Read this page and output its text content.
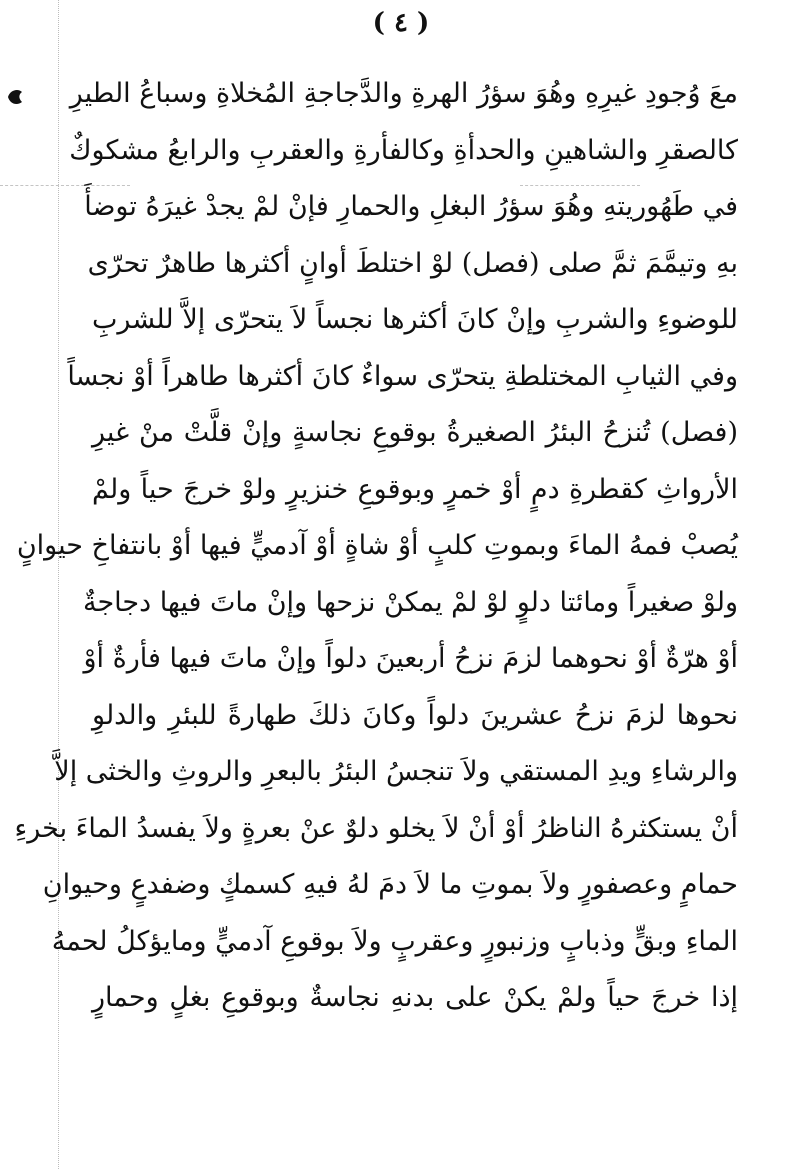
( ٤ )
معَ وُجودِ غيرِهِ وهُوَ سؤرُ الهرةِ والدَّجاجةِ المُخلاةِ وسباعُ الطيرِ
كالصقرِ والشاهينِ والحدأةِ وكالفأرةِ والعقربِ والرابعُ مشكوكٌ
في طَهُوريتهِ وهُوَ سؤرُ البغلِ والحمارِ فإنْ لمْ يجدْ غيرَهُ توضأَ
بهِ وتيمَّمَ ثمَّ صلى (فصل) لوْ اختلطَ أوانٍ أكثرها طاهرٌ تحرّى
للوضوءِ والشربِ وإنْ كانَ أكثرها نجساً لاَ يتحرّى إلاَّ للشربِ
وفي الثيابِ المختلطةِ يتحرّى سواءٌ كانَ أكثرها طاهراً أوْ نجساً
(فصل) تُنزحُ البئرُ الصغيرةُ بوقوعِ نجاسةٍ وإنْ قلَّتْ منْ غيرِ
الأرواثِ كقطرةِ دمٍ أوْ خمرٍ وبوقوعِ خنزيرٍ ولوْ خرجَ حياً ولمْ
يُصبْ فمهُ الماءَ وبموتِ كلبٍ أوْ شاةٍ أوْ آدميٍّ فيها أوْ بانتفاخِ حيوانٍ
ولوْ صغيراً ومائتا دلوٍ لوْ لمْ يمكنْ نزحها وإنْ ماتَ فيها دجاجةٌ
أوْ هرّةٌ أوْ نحوهما لزمَ نزحُ أربعينَ دلواً وإنْ ماتَ فيها فأرةٌ أوْ
نحوها لزمَ نزحُ عشرينَ دلواً وكانَ ذلكَ طهارةً للبئرِ والدلوِ
والرشاءِ ويدِ المستقي ولاَ تنجسُ البئرُ بالبعرِ والروثِ والخثى إلاَّ
أنْ يستكثرهُ الناظرُ أوْ أنْ لاَ يخلو دلوٌ عنْ بعرةٍ ولاَ يفسدُ الماءَ بخرءِ
حمامٍ وعصفورٍ ولاَ بموتِ ما لاَ دمَ لهُ فيهِ كسمكٍ وضفدعٍ وحيوانِ
الماءِ وبقٍّ وذبابٍ وزنبورٍ وعقربٍ ولاَ بوقوعِ آدميٍّ ومايؤكلُ لحمهُ
إذا خرجَ حياً ولمْ يكنْ على بدنهِ نجاسةٌ وبوقوعِ بغلٍ وحمارٍ
